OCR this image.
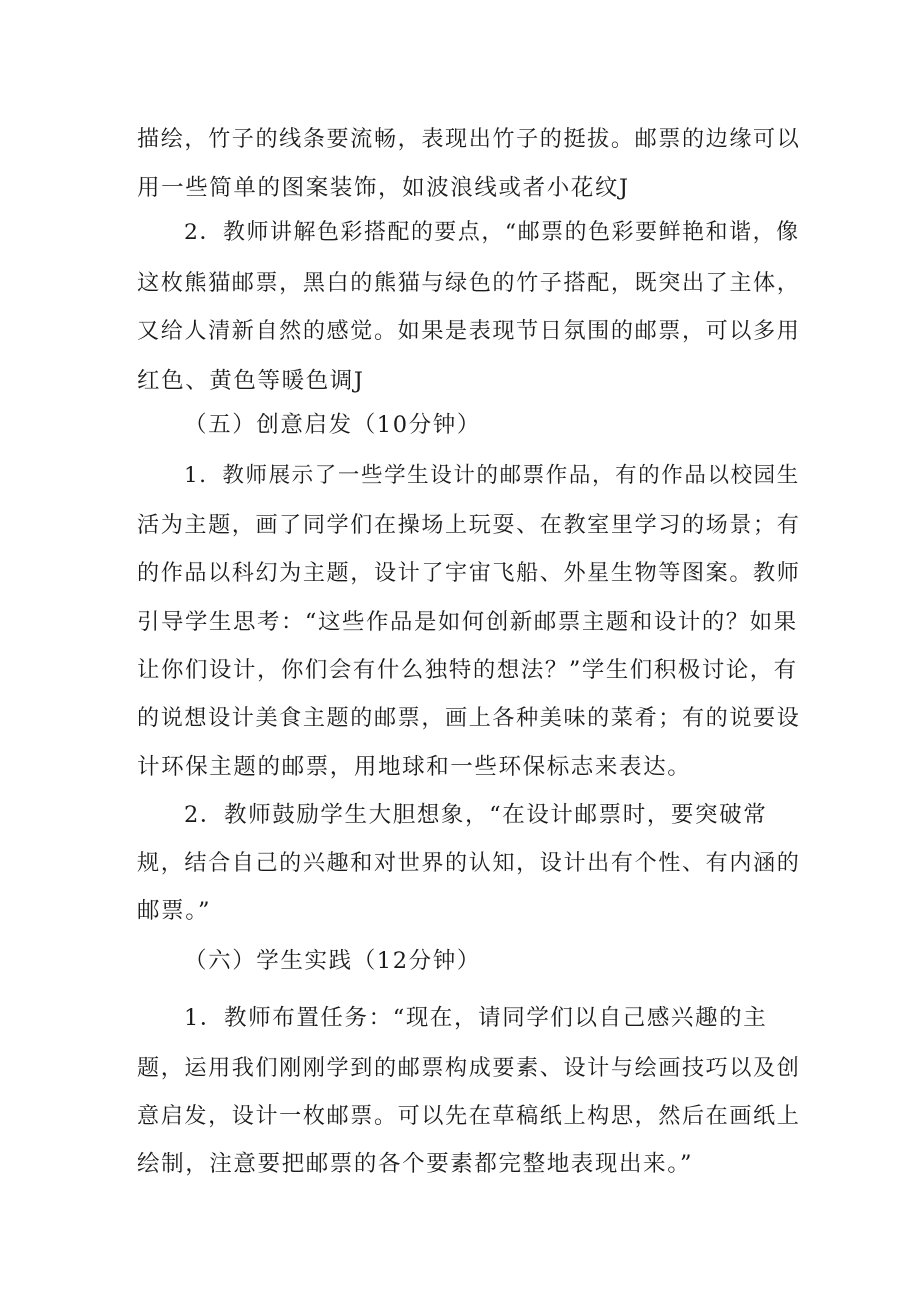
描绘，竹子的线条要流畅，表现出竹子的挺拔。邮票的边缘可以
用一些简单的图案装饰，如波浪线或者小花纹J
2．教师讲解色彩搭配的要点，“邮票的色彩要鲜艳和谐，像
这枚熊猫邮票，黑白的熊猫与绿色的竹子搭配，既突出了主体，
又给人清新自然的感觉。如果是表现节日氛围的邮票，可以多用
红色、黄色等暖色调J
（五）创意启发（10分钟）
1．教师展示了一些学生设计的邮票作品，有的作品以校园生
活为主题，画了同学们在操场上玩耍、在教室里学习的场景；有
的作品以科幻为主题，设计了宇宙飞船、外星生物等图案。教师
引导学生思考：“这些作品是如何创新邮票主题和设计的？如果
让你们设计，你们会有什么独特的想法？”学生们积极讨论，有
的说想设计美食主题的邮票，画上各种美味的菜肴；有的说要设
计环保主题的邮票，用地球和一些环保标志来表达。
2．教师鼓励学生大胆想象，“在设计邮票时，要突破常
规，结合自己的兴趣和对世界的认知，设计出有个性、有内涵的
邮票。”
（六）学生实践（12分钟）
1．教师布置任务：“现在，请同学们以自己感兴趣的主
题，运用我们刚刚学到的邮票构成要素、设计与绘画技巧以及创
意启发，设计一枚邮票。可以先在草稿纸上构思，然后在画纸上
绘制，注意要把邮票的各个要素都完整地表现出来。”
